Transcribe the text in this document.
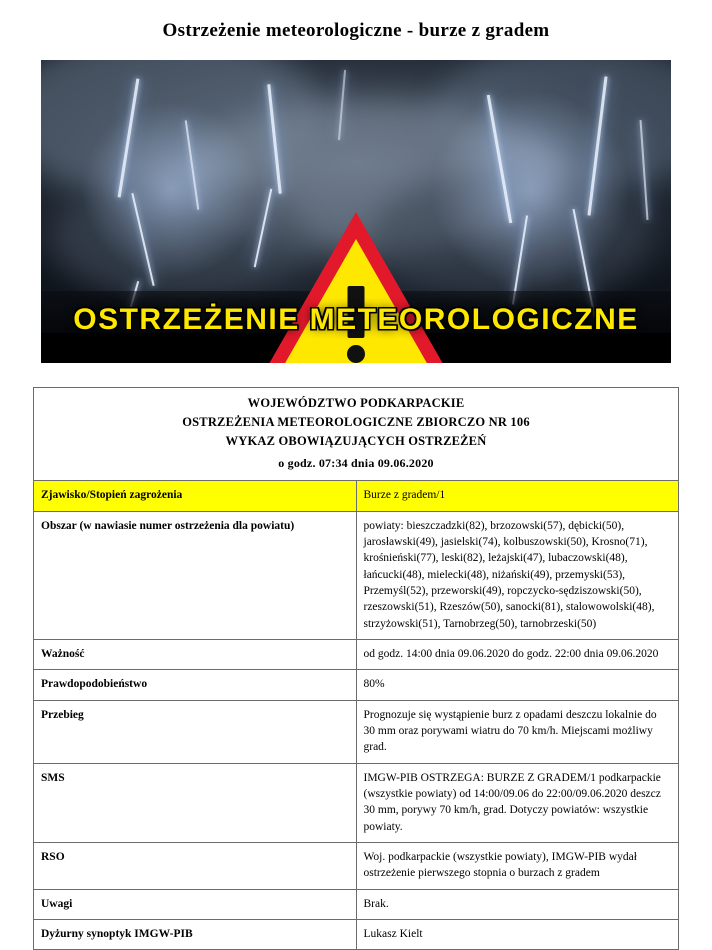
Ostrzeżenie meteorologiczne - burze z gradem
OSTRZEŻENIE METEOROLOGICZNE
WOJEWÓDZTWO PODKARPACKIE
OSTRZEŻENIA METEOROLOGICZNE ZBIORCZO NR 106
WYKAZ OBOWIĄZUJĄCYCH OSTRZEŻEŃ
o godz. 07:34 dnia 09.06.2020	

Zjawisko/Stopień zagrożenia	Burze z gradem/1
Obszar (w nawiasie numer ostrzeżenia dla powiatu)	powiaty: bieszczadzki(82), brzozowski(57), dębicki(50), jarosławski(49), jasielski(74), kolbuszowski(50), Krosno(71), krośnieński(77), leski(82), leżajski(47), lubaczowski(48), łańcucki(48), mielecki(48), niżański(49), przemyski(53), Przemyśl(52), przeworski(49), ropczycko-sędziszowski(50), rzeszowski(51), Rzeszów(50), sanocki(81), stalowowolski(48), strzyżowski(51), Tarnobrzeg(50), tarnobrzeski(50)
Ważność	od godz. 14:00 dnia 09.06.2020 do godz. 22:00 dnia 09.06.2020
Prawdopodobieństwo	80%
Przebieg	Prognozuje się wystąpienie burz z opadami deszczu lokalnie do 30 mm oraz porywami wiatru do 70 km/h. Miejscami możliwy grad.
SMS	IMGW-PIB OSTRZEGA: BURZE Z GRADEM/1 podkarpackie (wszystkie powiaty) od 14:00/09.06 do 22:00/09.06.2020 deszcz 30 mm, porywy 70 km/h, grad. Dotyczy powiatów: wszystkie powiaty.
RSO	Woj. podkarpackie (wszystkie powiaty), IMGW-PIB wydał ostrzeżenie pierwszego stopnia o burzach z gradem
Uwagi	Brak.
Dyżurny synoptyk IMGW-PIB	Lukasz Kielt
